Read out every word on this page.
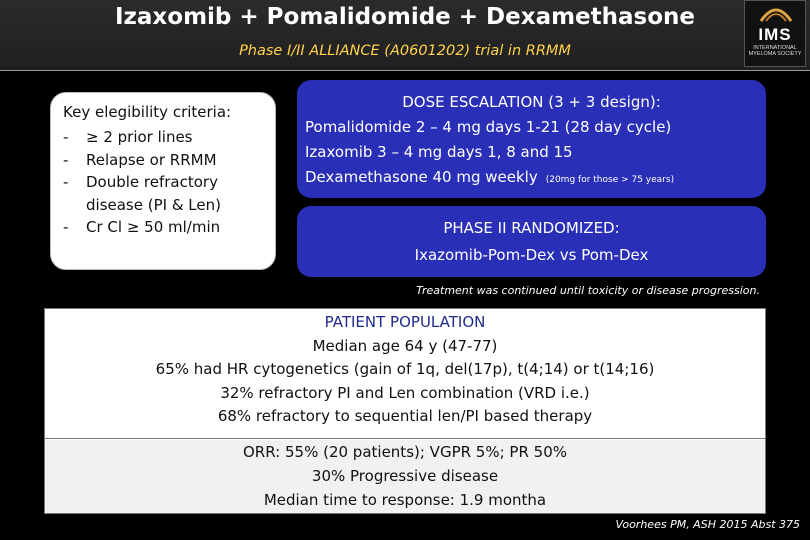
Izaxomib + Pomalidomide + Dexamethasone
Phase I/II ALLIANCE (A0601202) trial in RRMM
IMS
INTERNATIONAL MYELOMA SOCIETY
Key elegibility criteria:
- ≥ 2 prior lines
- Relapse or RRMM
- Double refractory disease (PI & Len)
- Cr Cl ≥ 50 ml/min
DOSE ESCALATION (3 + 3 design):
Pomalidomide 2 – 4 mg days 1-21 (28 day cycle)
Izaxomib 3 – 4 mg days 1, 8 and 15
Dexamethasone 40 mg weekly (20mg for those > 75 years)
PHASE II RANDOMIZED:
Ixazomib-Pom-Dex vs Pom-Dex
Treatment was continued until toxicity or disease progression.
PATIENT POPULATION
Median age 64 y (47-77)
65% had HR cytogenetics (gain of 1q, del(17p), t(4;14) or t(14;16)
32% refractory PI and Len combination (VRD i.e.)
68% refractory to sequential len/PI based therapy
ORR: 55% (20 patients); VGPR 5%; PR 50%
30% Progressive disease
Median time to response: 1.9 montha
Voorhees PM, ASH 2015 Abst 375
